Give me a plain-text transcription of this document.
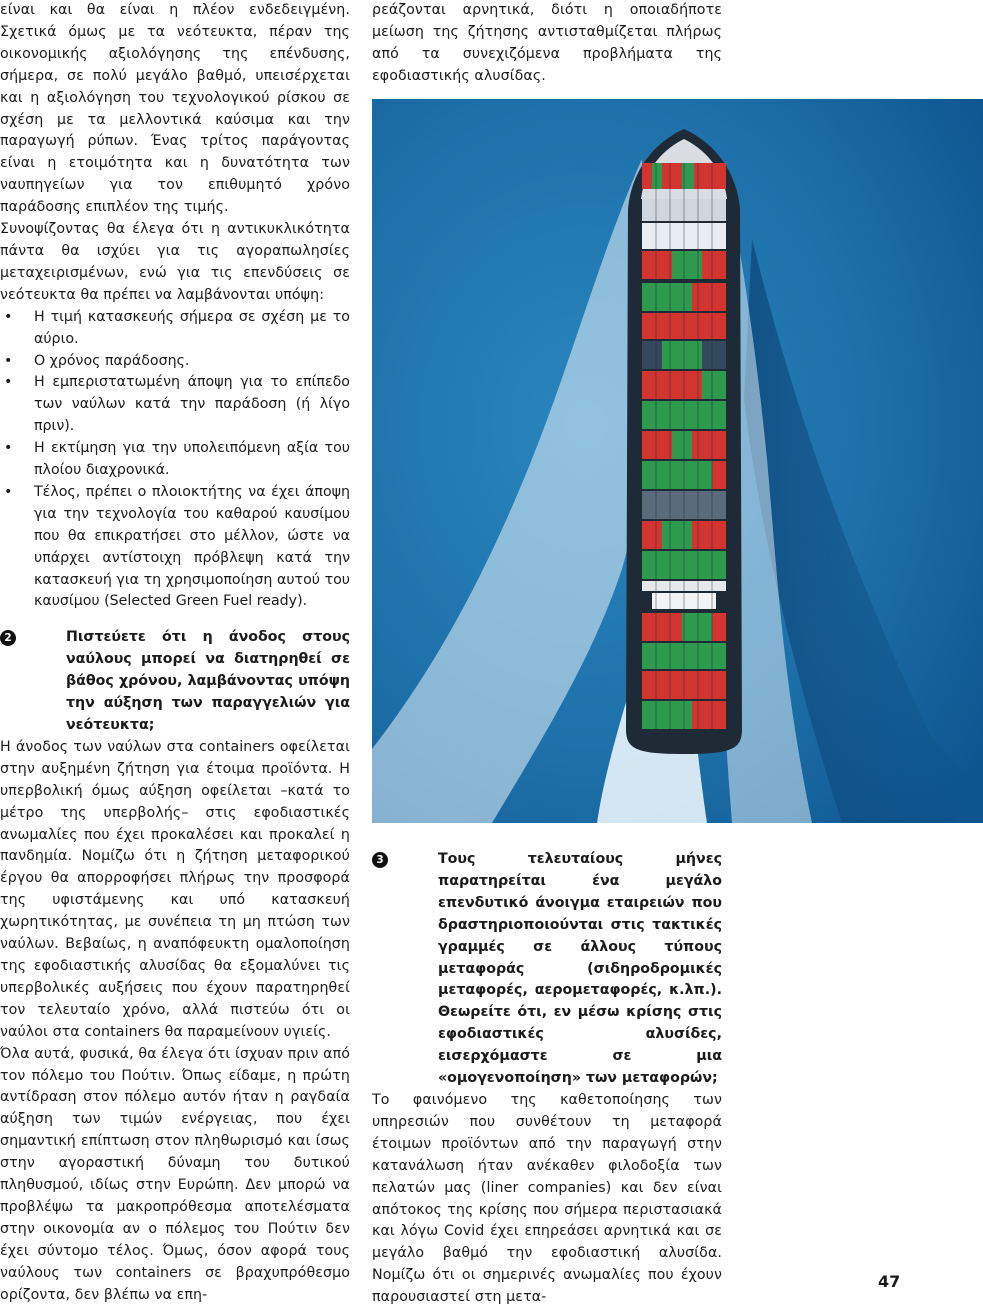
είναι και θα είναι η πλέον ενδεδειγμένη. Σχετικά όμως με τα νεότευκτα, πέραν της οικονομικής αξιολόγησης της επένδυσης, σήμερα, σε πολύ μεγάλο βαθμό, υπεισέρχεται και η αξιολόγηση του τεχνολογικού ρίσκου σε σχέση με τα μελλοντικά καύσιμα και την παραγωγή ρύπων. Ένας τρίτος παράγοντας είναι η ετοιμότητα και η δυνατότητα των ναυπηγείων για τον επιθυμητό χρόνο παράδοσης επιπλέον της τιμής.

Συνοψίζοντας θα έλεγα ότι η αντικυκλικότητα πάντα θα ισχύει για τις αγοραπωλησίες μεταχειρισμένων, ενώ για τις επενδύσεις σε νεότευκτα θα πρέπει να λαμβάνονται υπόψη:

• Η τιμή κατασκευής σήμερα σε σχέση με το αύριο.
• Ο χρόνος παράδοσης.
• Η εμπεριστατωμένη άποψη για το επίπεδο των ναύλων κατά την παράδοση (ή λίγο πριν).
• Η εκτίμηση για την υπολειπόμενη αξία του πλοίου διαχρονικά.
• Τέλος, πρέπει ο πλοιοκτήτης να έχει άποψη για την τεχνολογία του καθαρού καυσίμου που θα επικρατήσει στο μέλλον, ώστε να υπάρχει αντίστοιχη πρόβλεψη κατά την κατασκευή για τη χρησιμοποίηση αυτού του καυσίμου (Selected Green Fuel ready).
2	Πιστεύετε ότι η άνοδος στους ναύλους μπορεί να διατηρηθεί σε βάθος χρόνου, λαμβάνοντας υπόψη την αύξηση των παραγγελιών για νεότευκτα;

Η άνοδος των ναύλων στα containers οφείλεται στην αυξημένη ζήτηση για έτοιμα προϊόντα. Η υπερβολική όμως αύξηση οφείλεται –κατά το μέτρο της υπερβολής– στις εφοδιαστικές ανωμαλίες που έχει προκαλέσει και προκαλεί η πανδημία. Νομίζω ότι η ζήτηση μεταφορικού έργου θα απορροφήσει πλήρως την προσφορά της υφιστάμενης και υπό κατασκευή χωρητικότητας, με συνέπεια τη μη πτώση των ναύλων. Βεβαίως, η αναπόφευκτη ομαλοποίηση της εφοδιαστικής αλυσίδας θα εξομαλύνει τις υπερβολικές αυξήσεις που έχουν παρατηρηθεί τον τελευταίο χρόνο, αλλά πιστεύω ότι οι ναύλοι στα containers θα παραμείνουν υγιείς.

Όλα αυτά, φυσικά, θα έλεγα ότι ίσχυαν πριν από τον πόλεμο του Πούτιν. Όπως είδαμε, η πρώτη αντίδραση στον πόλεμο αυτόν ήταν η ραγδαία αύξηση των τιμών ενέργειας, που έχει σημαντική επίπτωση στον πληθωρισμό και ίσως στην αγοραστική δύναμη του δυτικού πληθυσμού, ιδίως στην Ευρώπη. Δεν μπορώ να προβλέψω τα μακροπρόθεσμα αποτελέσματα στην οικονομία αν ο πόλεμος του Πούτιν δεν έχει σύντομο τέλος. Όμως, όσον αφορά τους ναύλους των containers σε βραχυπρόθεσμο ορίζοντα, δεν βλέπω να επη-

ρεάζονται αρνητικά, διότι η οποιαδήποτε μείωση της ζήτησης αντισταθμίζεται πλήρως από τα συνεχιζόμενα προβλήματα της εφοδιαστικής αλυσίδας.

3	Τους τελευταίους μήνες παρατηρείται ένα μεγάλο επενδυτικό άνοιγμα εταιρειών που δραστηριοποιούνται στις τακτικές γραμμές σε άλλους τύπους μεταφοράς (σιδηροδρομικές μεταφορές, αερομεταφορές, κ.λπ.). Θεωρείτε ότι, εν μέσω κρίσης στις εφοδιαστικές αλυσίδες, εισερχόμαστε σε μια «ομογενοποίηση» των μεταφορών;

Το φαινόμενο της καθετοποίησης των υπηρεσιών που συνθέτουν τη μεταφορά έτοιμων προϊόντων από την παραγωγή στην κατανάλωση ήταν ανέκαθεν φιλοδοξία των πελατών μας (liner companies) και δεν είναι απότοκος της κρίσης που σήμερα περιστασιακά και λόγω Covid έχει επηρεάσει αρνητικά και σε μεγάλο βαθμό την εφοδιαστική αλυσίδα. Νομίζω ότι οι σημερινές ανωμαλίες που έχουν παρουσιαστεί στη μετα-

47
